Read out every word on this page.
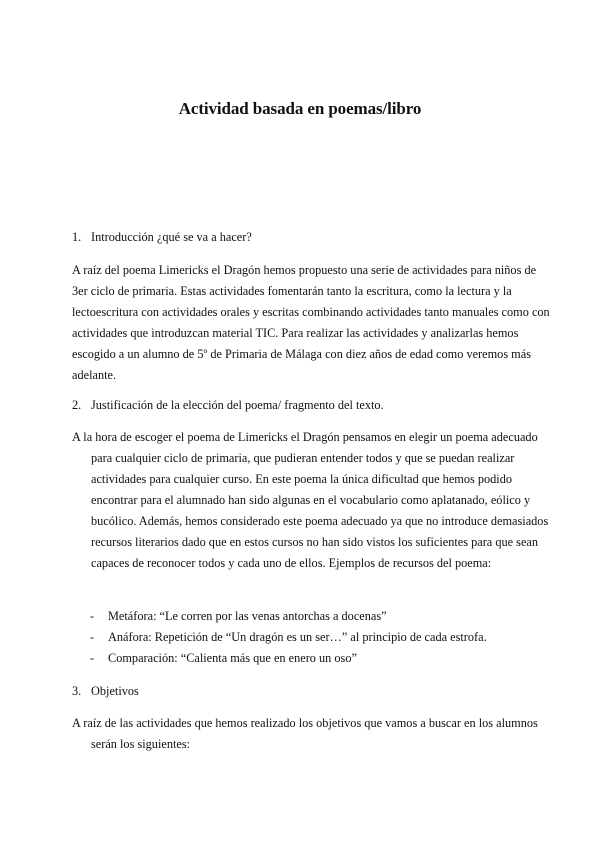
Actividad basada en poemas/libro
1. Introducción ¿qué se va a hacer?

A raíz del poema Limericks el Dragón hemos propuesto una serie de actividades para niños de 3er ciclo de primaria. Estas actividades fomentarán tanto la escritura, como la lectura y la lectoescritura con actividades orales y escritas combinando actividades tanto manuales como con actividades que introduzcan material TIC. Para realizar las actividades y analizarlas hemos escogido a un alumno de 5º de Primaria de Málaga con diez años de edad como veremos más adelante.

2. Justificación de la elección del poema/ fragmento del texto.

A la hora de escoger el poema de Limericks el Dragón pensamos en elegir un poema adecuado para cualquier ciclo de primaria, que pudieran entender todos y que se puedan realizar actividades para cualquier curso. En este poema la única dificultad que hemos podido encontrar para el alumnado han sido algunas en el vocabulario como aplatanado, eólico y bucólico. Además, hemos considerado este poema adecuado ya que no introduce demasiados recursos literarios dado que en estos cursos no han sido vistos los suficientes para que sean capaces de reconocer todos y cada uno de ellos. Ejemplos de recursos del poema:

- Metáfora: “Le corren por las venas antorchas a docenas”
- Anáfora: Repetición de “Un dragón es un ser…” al principio de cada estrofa.
- Comparación: “Calienta más que en enero un oso”
3. Objetivos

A raíz de las actividades que hemos realizado los objetivos que vamos a buscar en los alumnos serán los siguientes:
